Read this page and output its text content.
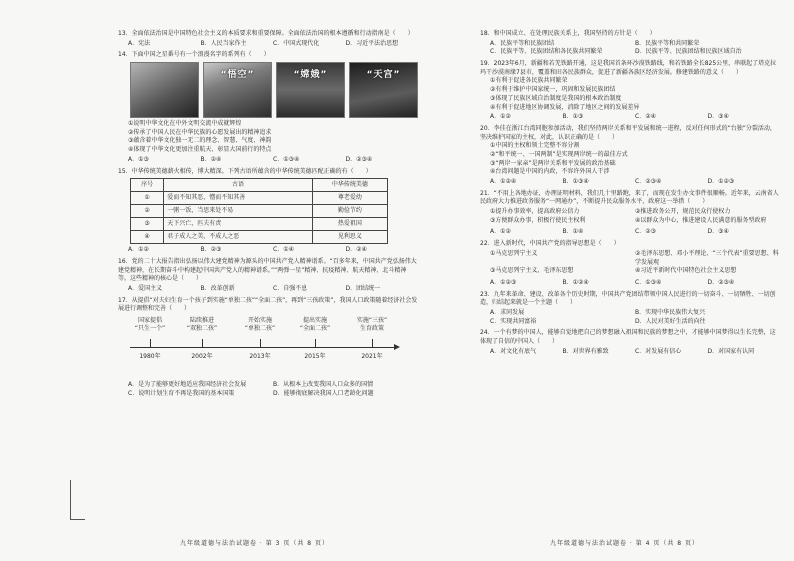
13．全面依法治国是中国特色社会主义的本质要求和重要保障。全面依法治国的根本遵循和行动指南是（　　）

A．宪法	B．人民当家作主	C．中国式现代化	D．习近平法治思想

14．下面中国之星番号有一个浪漫名字的系列有（　　）

“悟空”	“嫦娥”	“天宫”
①说明中华文化在中外文明交流中成就辉煌
②传承了中国人民在中华民族的心愿发展出的精神追求
③蕴含着中华文化独一无二的理念、智慧、气度、神韵
④体现了中华文化更加注重航天、彰显大国前行的特点
A．①③	B．②④	C．①③④	D．②③④

15．中华传统美德薪火相传，博大精深。下列古语所蕴含的中华传统美德匹配正确的有（　　）

序号	古语	中华传统美德
①	爱而不知其恶，憎而不知其善	尊老爱幼
②	一粥一饭，当思来处不易	勤俭节约
③	天下兴亡，匹夫有责	热爱祖国
④	君子成人之美，不成人之恶	见利思义
A．①②	B．②③	C．①④	D．②④

16．党的二十大报告指出弘扬以伟大建党精神为源头的中国共产党人精神谱系。“百多年来，中国共产党弘扬伟大建党精神，在长期奋斗中构建起中国共产党人的精神谱系。”“两弹一星”精神、抗疫精神、航天精神、北斗精神等。这些精神的核心是（　　）

A．爱国主义	B．改革创新	C．自强不息	D．团结统一

17．从提倡“对夫妇生育一个孩子到实施“单独二孩”“全面二孩”，再到“三孩政策”，我国人口政策随着经济社会发展进行调整和完善（　　）

国家提倡
“只生一个”
陆续推进
“双独二孩”
开始实施
“单独二孩”
提出实施
“全面二孩”
实施“三孩”
生育政策
1980年	2002年	2013年	2015年	2021年
A．是为了能够更好地适应我国经济社会发展	B．从根本上改变我国人口众多的国情
C．说明计划生育不再是我国的基本国策	D．能够彻底解决我国人口老龄化问题

18．和中国成立、在处理民族关系上，我国坚持的方针是（　　）

A．民族平等和民族团结	B．民族平等和共同繁荣
C．民族平等、民族团结和各民族共同繁荣	D．民族平等、民族团结和民族区域自治

19．2023年6月，新疆和若羌铁路开通，这是我国首条环沙漠铁路线，和若铁路全长825公里，串联起了塔克拉玛干沙漠南缘7县市，覆盖和田各民族群众，促进了新疆各族区经济发展。修建铁路的意义（　　）

①有利于促进各民族共同繁荣
②有利于维护中国家统一，巩固和发展民族团结
③体现了民族区域自治制度是我国的根本政治制度
④有利于促进地区协调发展，消除了地区之间的发展差异
A．①②	B．①③	C．②④	D．③④

20．李佳在浙江台湾同胞参加活动，我们坚持两岸关系和平发展和统一进程，反对任何形式的“台独”分裂活动，坚决维护国家的主权，对此，认识正确的是（　　）

①中国的主权和领土完整不容分割
②“和平统一、一国两制”是实现两岸统一的最佳方式
③“两岸一家亲”是两岸关系和平发展的政治基础
④台湾问题是中国的内政，不容许外国人干涉
A．①②④	B．①③④	C．②③④	D．①②③

21．“不用上各地办证，办理证明材料，我们几十里路跑，来了，而现在发生办文事件很顺畅。近年来，云南省人民政府大力推进政务服务“一网通办”，不断提升民众服务水平，政府这一举措（　　）

①提升办事效率，提高政府公信力	②推进政务公开，规范民众行使权力
③方便群众办事，积极行使民主权利	④以群众为中心，推进建设人民满意的服务型政府
A．①②	B．①④	C．②③	D．③④

22．进入新时代，中国共产党的指导思想是（　　）

①马克思列宁主义	②毛泽东思想、邓小平理论、“三个代表”重要思想、科学发展观
③马克思列宁主义、毛泽东思想	④习近平新时代中国特色社会主义思想
A．①②③	B．①②④	C．①③④	D．②③④

23．九年来革命、建设、改革各个历史时期，中国共产党团结带领中国人民进行的一切奋斗、一切牺牲、一切创造，归结起来就是一个主题（　　）

A．求同发展	B．实现中华民族伟大复兴
C．实现共同富裕	D．人民对美好生活的向往

24．一个有梦的中国人，能够自觉地把自己的梦想融入祖国和民族的梦想之中，才能够中国梦得以生长完整，这体现了自信的中国人（　　）

A．对文化有底气	B．对世界有雅致	C．对发展有信心	D．对国家有认同
九年级道德与法治试题卷 · 第 3 页（共 8 页）	九年级道德与法治试题卷 · 第 4 页（共 8 页）
